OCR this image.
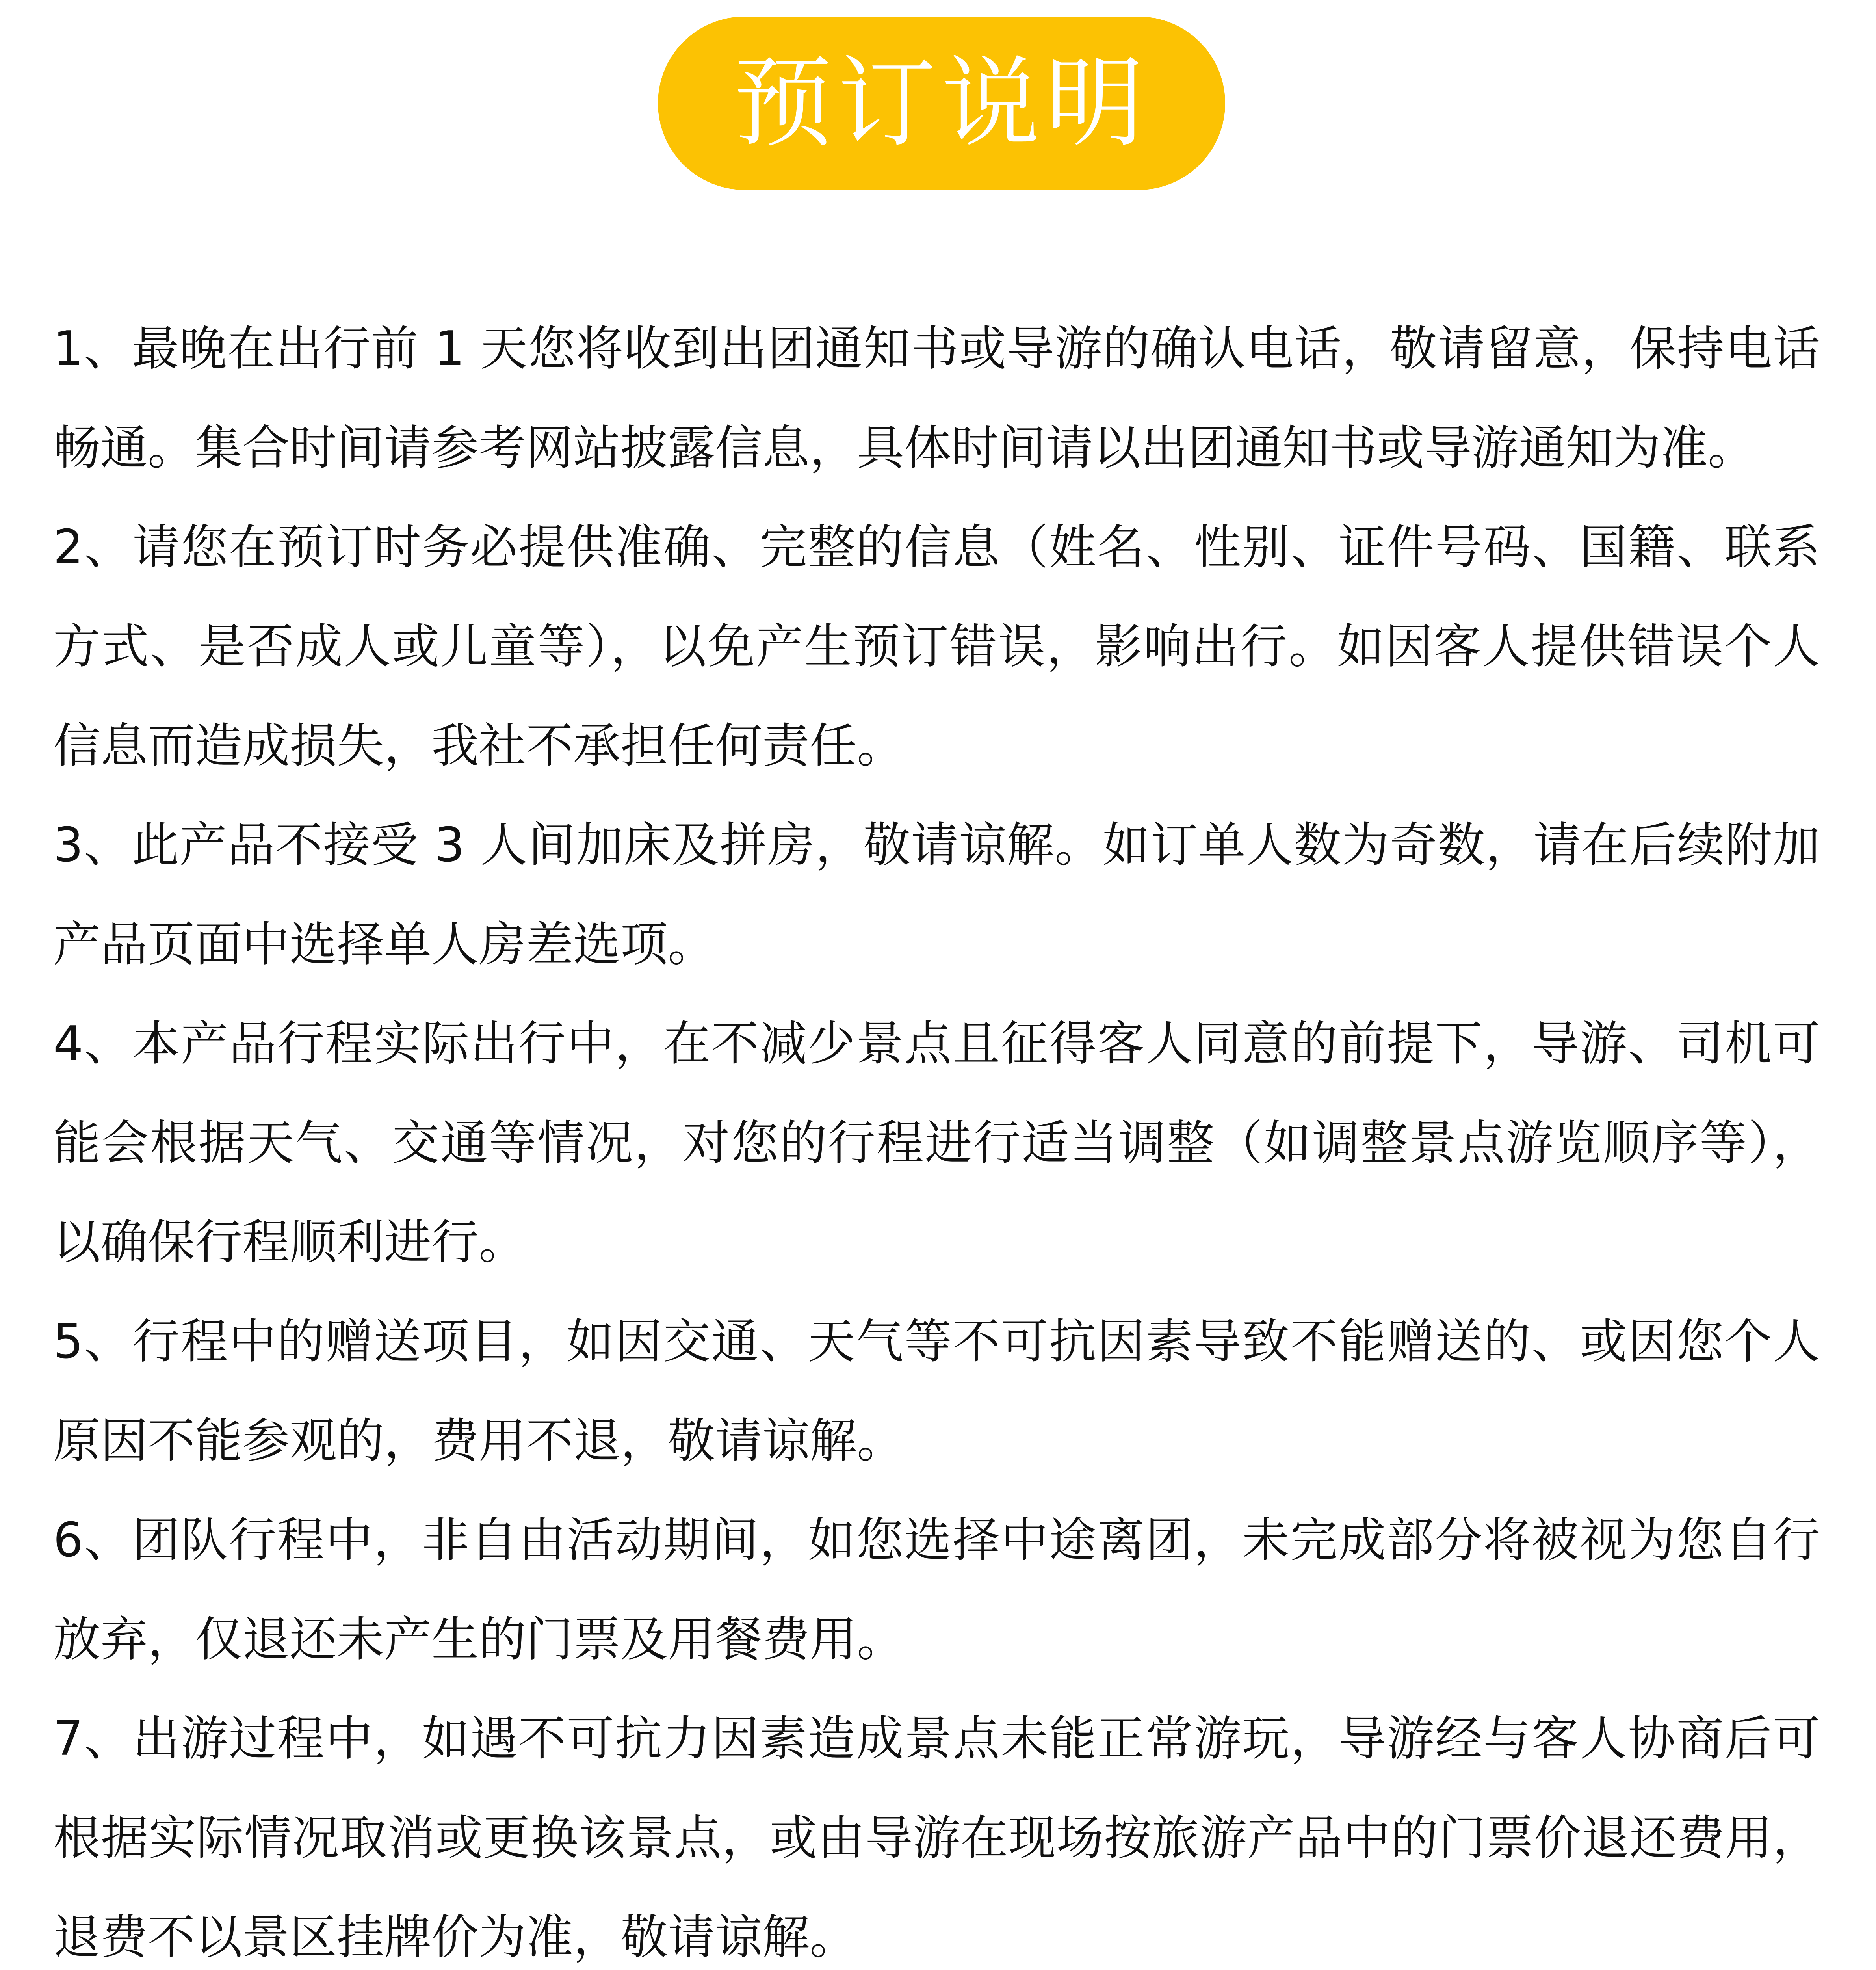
预订说明
1、最晚在出行前 1 天您将收到出团通知书或导游的确认电话，敬请留意，保持电话畅通。集合时间请参考网站披露信息，具体时间请以出团通知书或导游通知为准。
2、请您在预订时务必提供准确、完整的信息（姓名、性别、证件号码、国籍、联系方式、是否成人或儿童等），以免产生预订错误，影响出行。如因客人提供错误个人信息而造成损失，我社不承担任何责任。
3、此产品不接受 3 人间加床及拼房，敬请谅解。如订单人数为奇数，请在后续附加产品页面中选择单人房差选项。
4、本产品行程实际出行中，在不减少景点且征得客人同意的前提下，导游、司机可能会根据天气、交通等情况，对您的行程进行适当调整（如调整景点游览顺序等），以确保行程顺利进行。
5、行程中的赠送项目，如因交通、天气等不可抗因素导致不能赠送的、或因您个人原因不能参观的，费用不退，敬请谅解。
6、团队行程中，非自由活动期间，如您选择中途离团，未完成部分将被视为您自行放弃，仅退还未产生的门票及用餐费用。
7、出游过程中，如遇不可抗力因素造成景点未能正常游玩，导游经与客人协商后可根据实际情况取消或更换该景点，或由导游在现场按旅游产品中的门票价退还费用，退费不以景区挂牌价为准，敬请谅解。
